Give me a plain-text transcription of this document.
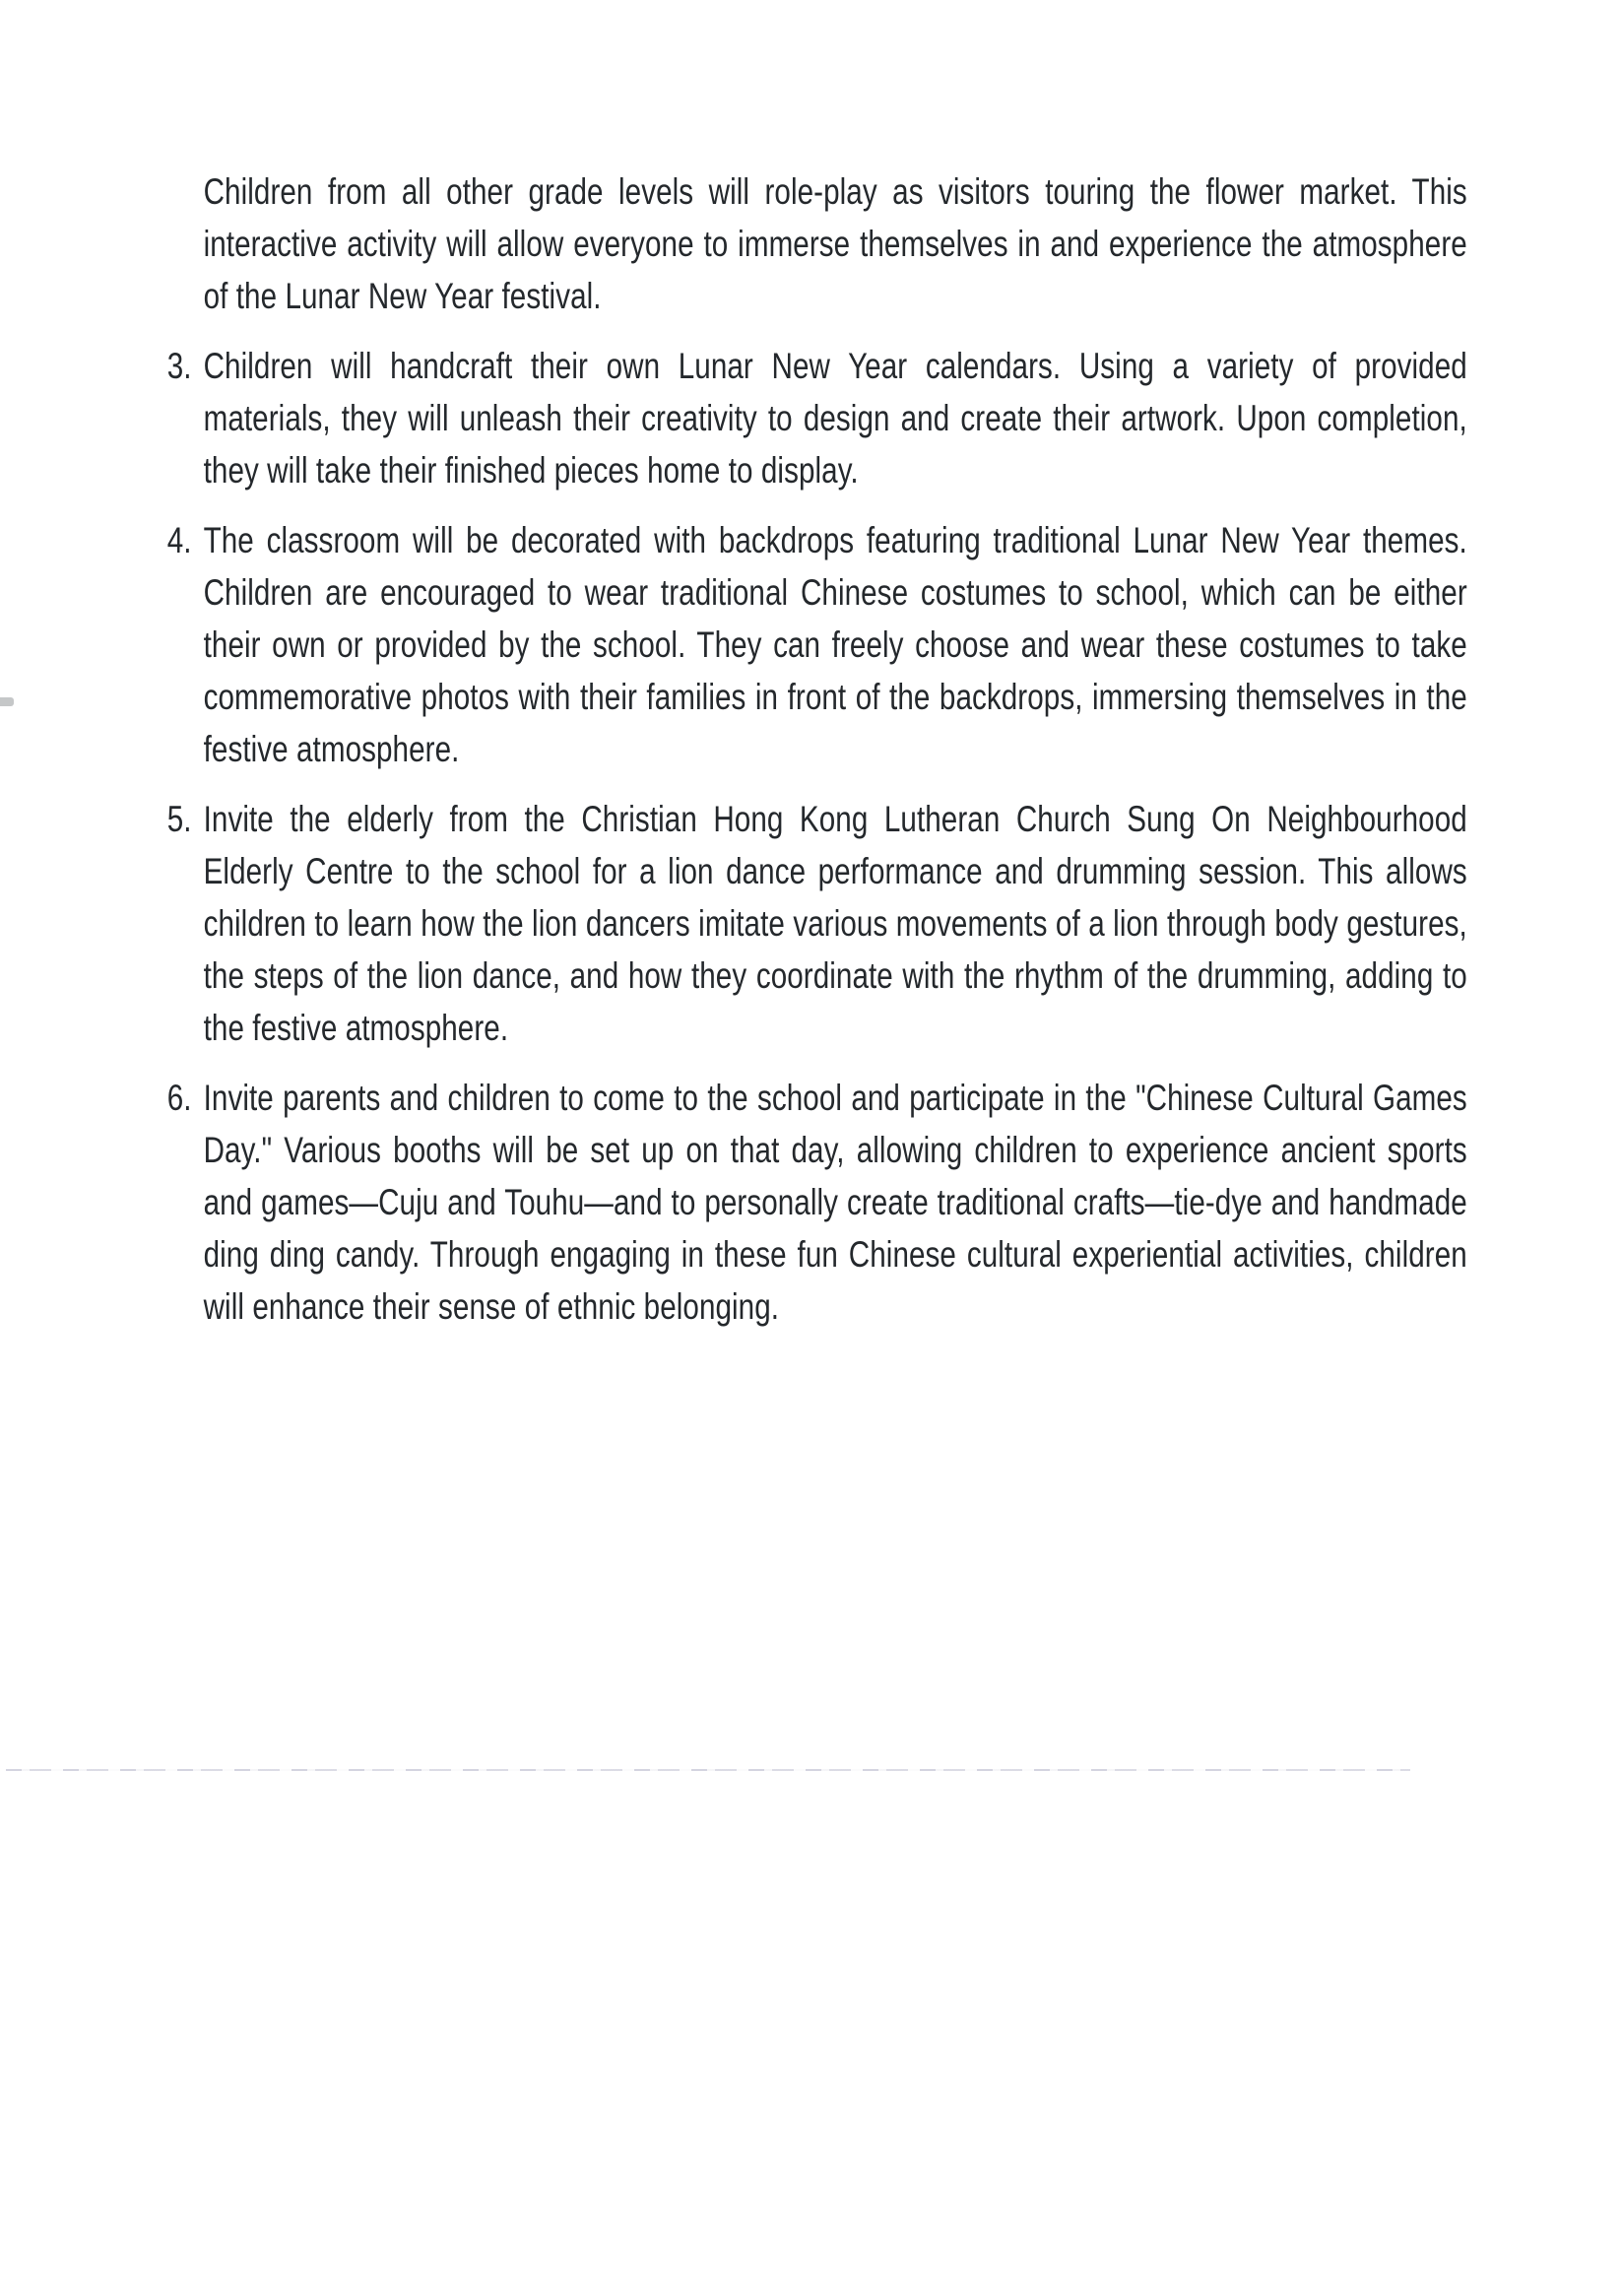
Children from all other grade levels will role-play as visitors touring the flower market. This interactive activity will allow everyone to immerse themselves in and experience the atmosphere of the Lunar New Year festival.

3. Children will handcraft their own Lunar New Year calendars. Using a variety of provided materials, they will unleash their creativity to design and create their artwork. Upon completion, they will take their finished pieces home to display.

4. The classroom will be decorated with backdrops featuring traditional Lunar New Year themes. Children are encouraged to wear traditional Chinese costumes to school, which can be either their own or provided by the school. They can freely choose and wear these costumes to take commemorative photos with their families in front of the backdrops, immersing themselves in the festive atmosphere.

5. Invite the elderly from the Christian Hong Kong Lutheran Church Sung On Neighbourhood Elderly Centre to the school for a lion dance performance and drumming session. This allows children to learn how the lion dancers imitate various movements of a lion through body gestures, the steps of the lion dance, and how they coordinate with the rhythm of the drumming, adding to the festive atmosphere.

6. Invite parents and children to come to the school and participate in the "Chinese Cultural Games Day." Various booths will be set up on that day, allowing children to experience ancient sports and games—Cuju and Touhu—and to personally create traditional crafts—tie-dye and handmade ding ding candy. Through engaging in these fun Chinese cultural experiential activities, children will enhance their sense of ethnic belonging.
